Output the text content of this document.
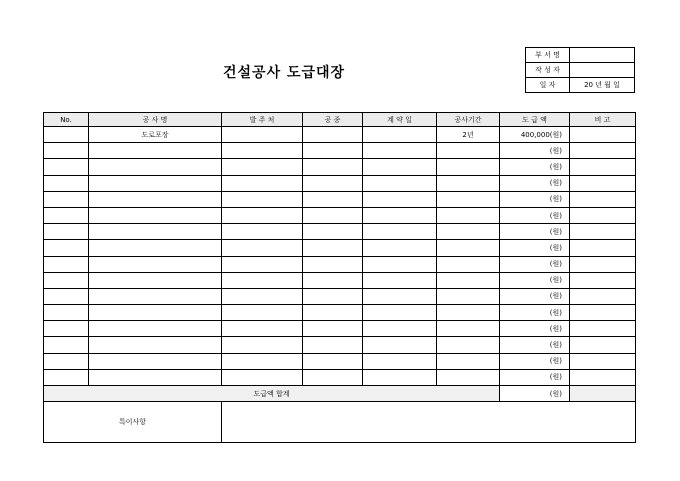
건설공사 도급대장
부 서 명	
작 성 자	
일 자	20 년 월 일
No.	공 사 명	발 주 처	공 종	계 약 일	공사기간	도 급 액	비 고
	도로포장				2년	400,000(원)	
						(원)	
						(원)	
						(원)	
						(원)	
						(원)	
						(원)	
						(원)	
						(원)	
						(원)	
						(원)	
						(원)	
						(원)	
						(원)	
						(원)	
						(원)	
도급액 합계						(원)	
특이사항							
